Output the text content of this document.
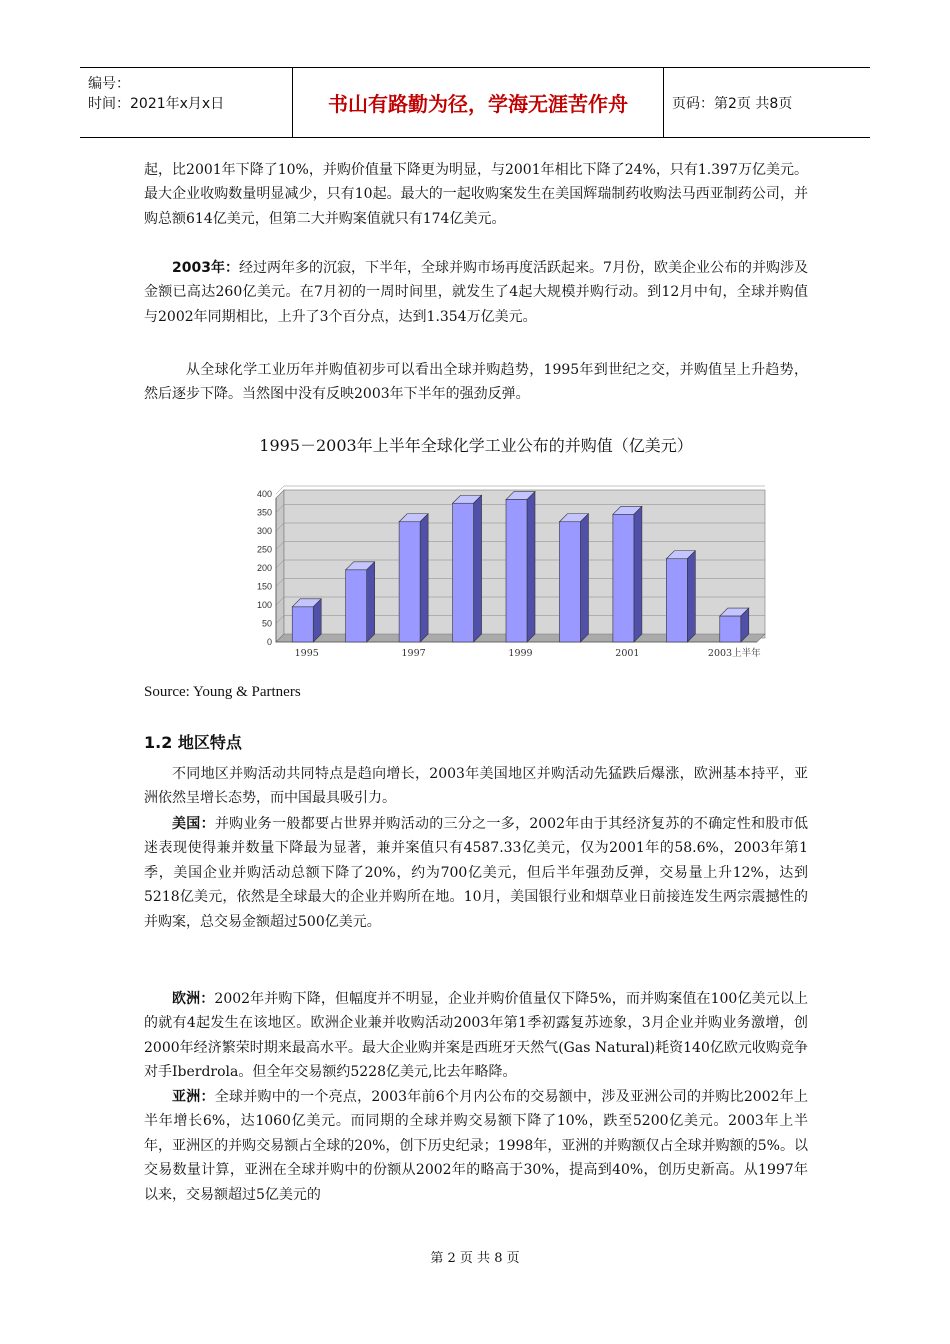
编号：
时间：2021年x月x日	书山有路勤为径，学海无涯苦作舟	页码：第2页 共8页

起，比2001年下降了10%，并购价值量下降更为明显，与2001年相比下降了24%，只有1.397万亿美元。最大企业收购数量明显减少，只有10起。最大的一起收购案发生在美国辉瑞制药收购法马西亚制药公司，并购总额614亿美元，但第二大并购案值就只有174亿美元。

2003年：经过两年多的沉寂，下半年，全球并购市场再度活跃起来。7月份，欧美企业公布的并购涉及金额已高达260亿美元。在7月初的一周时间里，就发生了4起大规模并购行动。到12月中旬，全球并购值与2002年同期相比，上升了3个百分点，达到1.354万亿美元。

从全球化学工业历年并购值初步可以看出全球并购趋势，1995年到世纪之交，并购值呈上升趋势，然后逐步下降。当然图中没有反映2003年下半年的强劲反弹。

1995－2003年上半年全球化学工业公布的并购值（亿美元）

0
50
100
150
200
250
300
350
400
1995	1997	1999	2001	2003上半年
Source: Young & Partners
1.2 地区特点

不同地区并购活动共同特点是趋向增长，2003年美国地区并购活动先猛跌后爆涨，欧洲基本持平，亚洲依然呈增长态势，而中国最具吸引力。

美国：并购业务一般都要占世界并购活动的三分之一多，2002年由于其经济复苏的不确定性和股市低迷表现使得兼并数量下降最为显著，兼并案值只有4587.33亿美元，仅为2001年的58.6%，2003年第1季，美国企业并购活动总额下降了20%，约为700亿美元，但后半年强劲反弹，交易量上升12%，达到5218亿美元，依然是全球最大的企业并购所在地。10月，美国银行业和烟草业日前接连发生两宗震撼性的并购案，总交易金额超过500亿美元。

欧洲：2002年并购下降，但幅度并不明显，企业并购价值量仅下降5%，而并购案值在100亿美元以上的就有4起发生在该地区。欧洲企业兼并收购活动2003年第1季初露复苏迹象，3月企业并购业务激增，创2000年经济繁荣时期来最高水平。最大企业购并案是西班牙天然气(Gas Natural)耗资140亿欧元收购竞争对手Iberdrola。但全年交易额约5228亿美元,比去年略降。

亚洲：全球并购中的一个亮点，2003年前6个月内公布的交易额中，涉及亚洲公司的并购比2002年上半年增长6%，达1060亿美元。而同期的全球并购交易额下降了10%，跌至5200亿美元。2003年上半年，亚洲区的并购交易额占全球的20%，创下历史纪录；1998年，亚洲的并购额仅占全球并购额的5%。以交易数量计算，亚洲在全球并购中的份额从2002年的略高于30%，提高到40%，创历史新高。从1997年以来，交易额超过5亿美元的

第 2 页 共 8 页
